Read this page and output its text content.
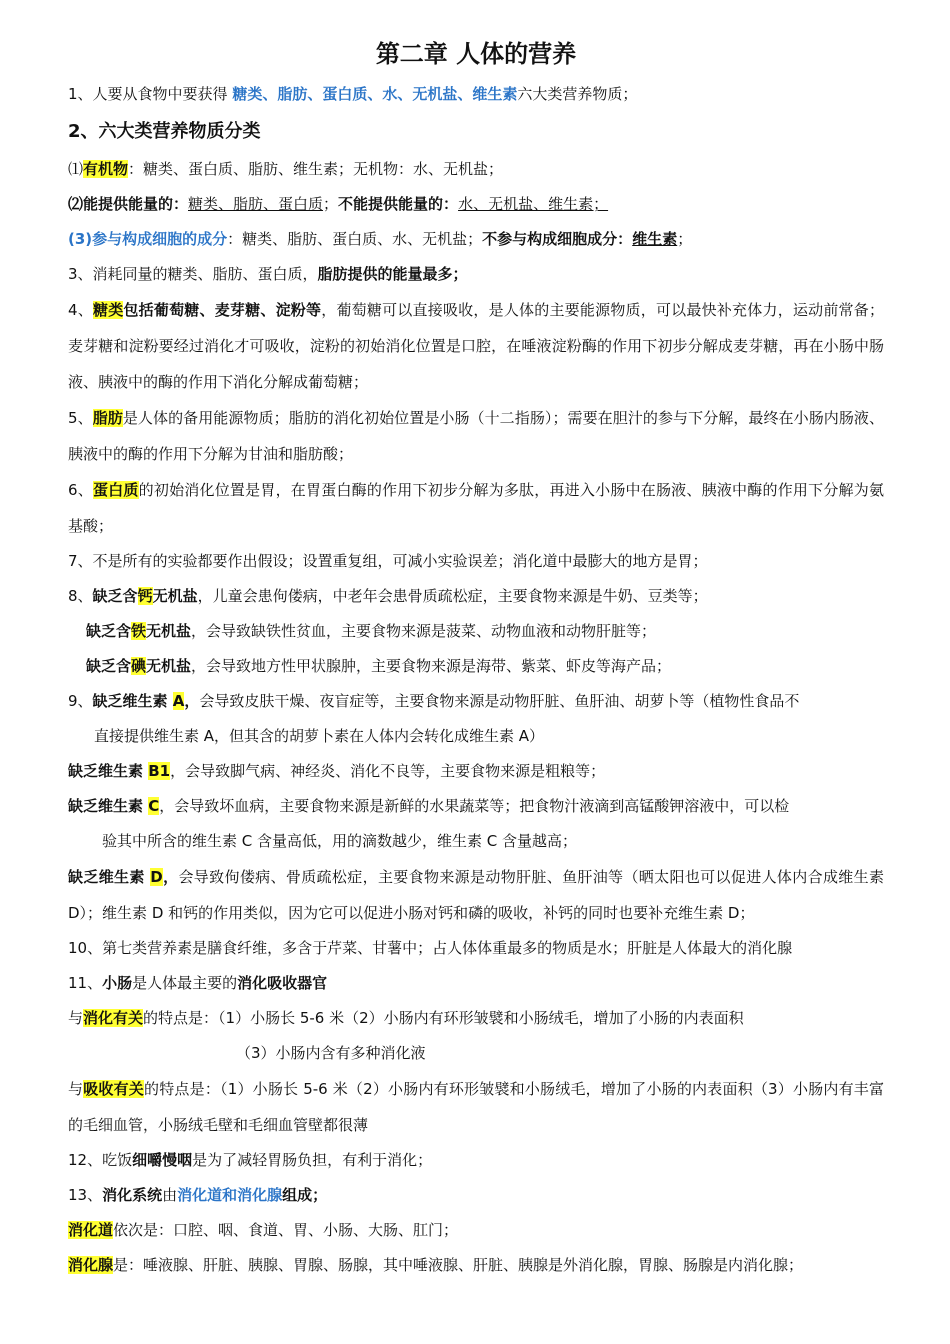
第二章 人体的营养
1、人要从食物中要获得 糖类、脂肪、蛋白质、水、无机盐、维生素六大类营养物质；
2、六大类营养物质分类
⑴有机物：糖类、蛋白质、脂肪、维生素；无机物：水、无机盐；
⑵能提供能量的：糖类、脂肪、蛋白质；不能提供能量的：水、无机盐、维生素；
(3)参与构成细胞的成分：糖类、脂肪、蛋白质、水、无机盐；不参与构成细胞成分：维生素；
3、消耗同量的糖类、脂肪、蛋白质，脂肪提供的能量最多；
4、糖类包括葡萄糖、麦芽糖、淀粉等，葡萄糖可以直接吸收，是人体的主要能源物质，可以最快补充体力，运动前常备；麦芽糖和淀粉要经过消化才可吸收，淀粉的初始消化位置是口腔，在唾液淀粉酶的作用下初步分解成麦芽糖，再在小肠中肠液、胰液中的酶的作用下消化分解成葡萄糖；
5、脂肪是人体的备用能源物质；脂肪的消化初始位置是小肠（十二指肠）；需要在胆汁的参与下分解，最终在小肠内肠液、胰液中的酶的作用下分解为甘油和脂肪酸；
6、蛋白质的初始消化位置是胃，在胃蛋白酶的作用下初步分解为多肽，再进入小肠中在肠液、胰液中酶的作用下分解为氨基酸；
7、不是所有的实验都要作出假设；设置重复组，可减小实验误差；消化道中最膨大的地方是胃；
8、缺乏含钙无机盐，儿童会患佝偻病，中老年会患骨质疏松症，主要食物来源是牛奶、豆类等；
缺乏含铁无机盐，会导致缺铁性贫血，主要食物来源是菠菜、动物血液和动物肝脏等；
缺乏含碘无机盐，会导致地方性甲状腺肿，主要食物来源是海带、紫菜、虾皮等海产品；
9、缺乏维生素 A，会导致皮肤干燥、夜盲症等，主要食物来源是动物肝脏、鱼肝油、胡萝卜等（植物性食品不
直接提供维生素 A，但其含的胡萝卜素在人体内会转化成维生素 A）
缺乏维生素 B1，会导致脚气病、神经炎、消化不良等，主要食物来源是粗粮等；
缺乏维生素 C，会导致坏血病，主要食物来源是新鲜的水果蔬菜等；把食物汁液滴到高锰酸钾溶液中，可以检
验其中所含的维生素 C 含量高低，用的滴数越少，维生素 C 含量越高；
缺乏维生素 D，会导致佝偻病、骨质疏松症，主要食物来源是动物肝脏、鱼肝油等（晒太阳也可以促进人体内合成维生素 D）；维生素 D 和钙的作用类似，因为它可以促进小肠对钙和磷的吸收，补钙的同时也要补充维生素 D；
10、第七类营养素是膳食纤维，多含于芹菜、甘薯中；占人体体重最多的物质是水；肝脏是人体最大的消化腺
11、小肠是人体最主要的消化吸收器官
与消化有关的特点是：（1）小肠长 5-6 米（2）小肠内有环形皱襞和小肠绒毛，增加了小肠的内表面积
（3）小肠内含有多种消化液
与吸收有关的特点是：（1）小肠长 5-6 米（2）小肠内有环形皱襞和小肠绒毛，增加了小肠的内表面积（3）小肠内有丰富的毛细血管，小肠绒毛壁和毛细血管壁都很薄
12、吃饭细嚼慢咽是为了减轻胃肠负担，有利于消化；
13、消化系统由消化道和消化腺组成；
消化道依次是：口腔、咽、食道、胃、小肠、大肠、肛门；
消化腺是：唾液腺、肝脏、胰腺、胃腺、肠腺，其中唾液腺、肝脏、胰腺是外消化腺，胃腺、肠腺是内消化腺；
